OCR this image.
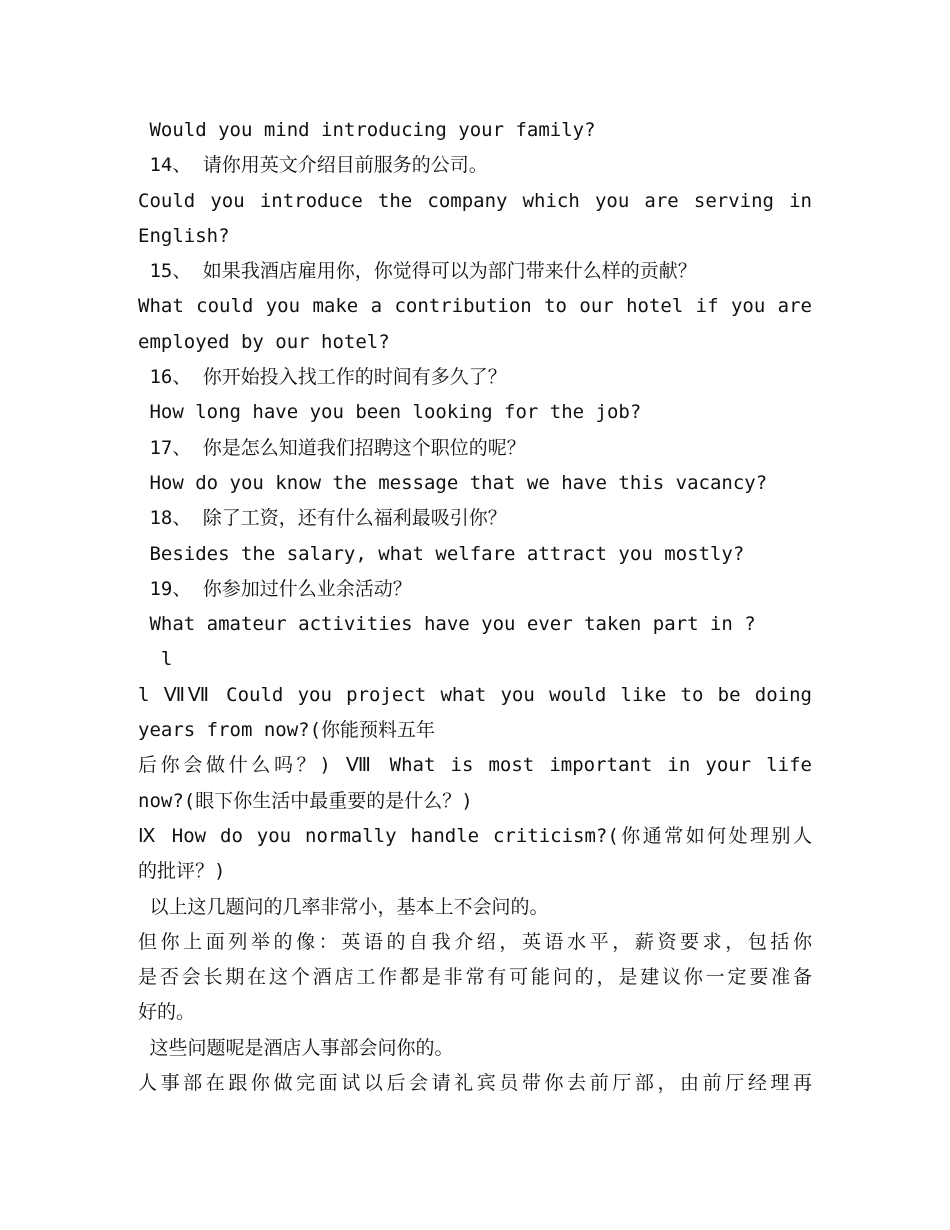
Would you mind introducing your family?
14、 请你用英文介绍目前服务的公司。
Could you introduce the company which you are serving in
English?
15、 如果我酒店雇用你，你觉得可以为部门带来什么样的贡献？
What could you make a contribution to our hotel if you are
employed by our hotel?
16、 你开始投入找工作的时间有多久了？
How long have you been looking for the job?
17、 你是怎么知道我们招聘这个职位的呢？
How do you know the message that we have this vacancy?
18、 除了工资，还有什么福利最吸引你？
Besides the salary, what welfare attract you mostly?
19、 你参加过什么业余活动？
What amateur activities have you ever taken part in ?
l
l ⅦⅦ Could you project what you would like to be doing
years from now?(你能预料五年
后你会做什么吗？) Ⅷ What is most important in your life
now?(眼下你生活中最重要的是什么？)
Ⅸ How do you normally handle criticism?(你通常如何处理别人
的批评？)
以上这几题问的几率非常小，基本上不会问的。
但你上面列举的像：英语的自我介绍，英语水平，薪资要求，包括你
是否会长期在这个酒店工作都是非常有可能问的，是建议你一定要准备
好的。
这些问题呢是酒店人事部会问你的。
人事部在跟你做完面试以后会请礼宾员带你去前厅部，由前厅经理再
